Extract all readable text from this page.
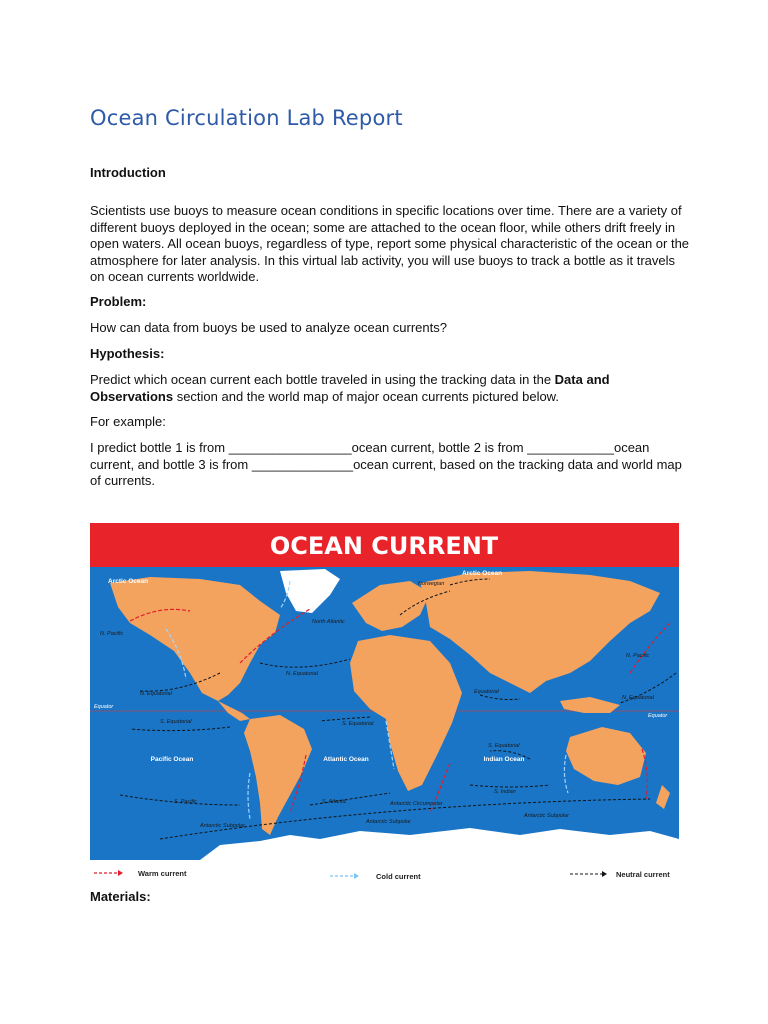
Ocean Circulation Lab Report
Introduction
Scientists use buoys to measure ocean conditions in specific locations over time. There are a variety of different buoys deployed in the ocean; some are attached to the ocean floor, while others drift freely in open waters. All ocean buoys, regardless of type, report some physical characteristic of the ocean or the atmosphere for later analysis. In this virtual lab activity, you will use buoys to track a bottle as it travels on ocean currents worldwide.
Problem:
How can data from buoys be used to analyze ocean currents?
Hypothesis:
Predict which ocean current each bottle traveled in using the tracking data in the Data and Observations section and the world map of major ocean currents pictured below.
For example:
I predict bottle 1 is from _________________ocean current, bottle 2 is from ____________ocean current, and bottle 3 is from ______________ocean current, based on the tracking data and world map of currents.
OCEAN CURRENT
Arctic Ocean
Arctic Ocean
Pacific Ocean	Atlantic Ocean	Indian Ocean
Southern Ocean
Equator
Equator
N. Pacific
N. Equatorial
S. Equatorial
S. Pacific
N. Equatorial
S. Equatorial
S. Atlantic	Antarctic Circumpolar
Antarctic Subpolar
Antarctic Subpolar
Antarctic Subpolar
Equatorial
S. Equatorial
S. Indian
N. Pacific
N. Equatorial
Norwegian
North Atlantic
Warm current	Cold current	Neutral current
Materials:
